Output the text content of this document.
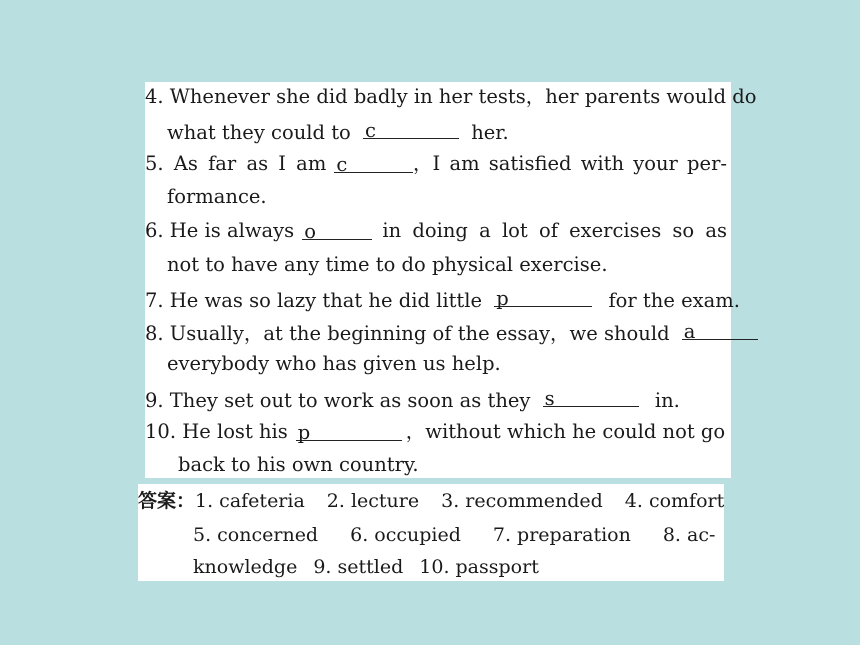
4. Whenever she did badly in her tests，her parents would do
what they could to c	her.
5. As far as I am c	，I am satisfied with your per-
formance.
6. He is always o	in doing a lot of exercises so as
not to have any time to do physical exercise.
7. He was so lazy that he did little p	for the exam.
8. Usually，at the beginning of the essay，we should a
everybody who has given us help.
9. They set out to work as soon as they s	in.
10. He lost his p	，without which he could not go
back to his own country.
答案：1. cafeteria 2. lecture 3. recommended 4. comfort
5. concerned 6. occupied 7. preparation 8. ac-
knowledge 9. settled 10. passport
